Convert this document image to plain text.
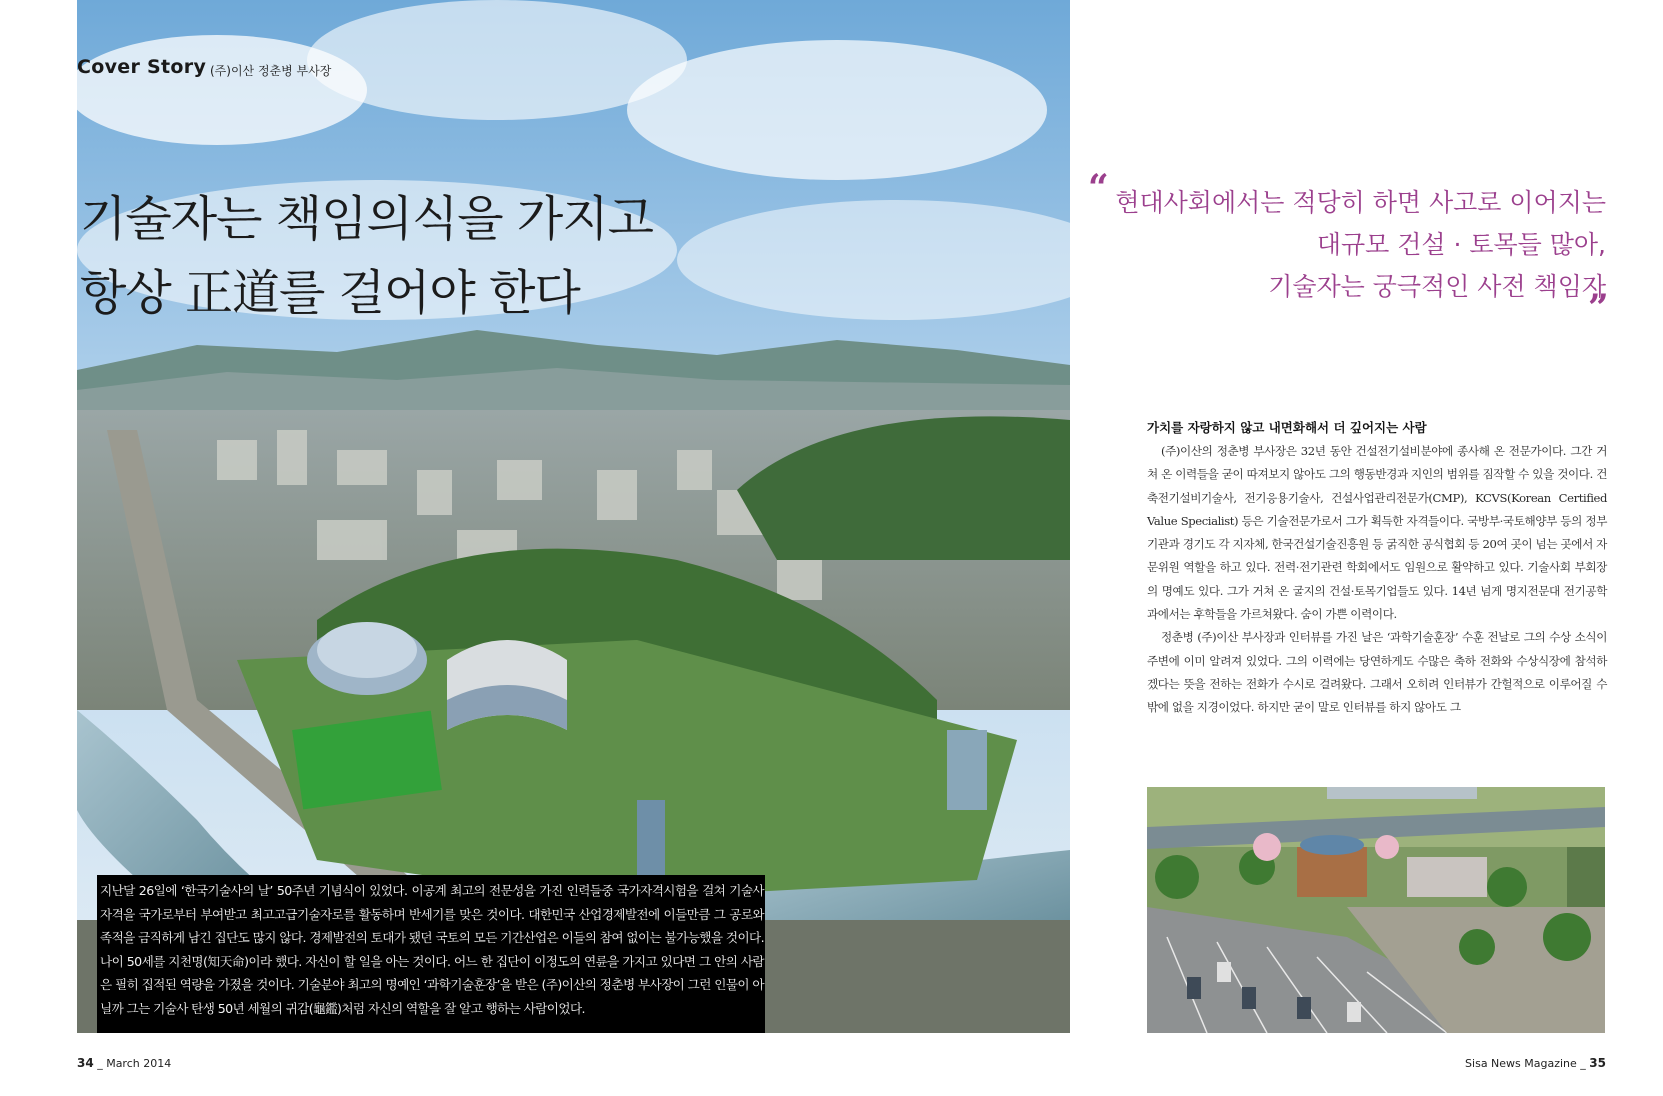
Cover Story (주)이산 정춘병 부사장
기술자는 책임의식을 가지고
항상 正道를 걸어야 한다
지난달 26일에 ‘한국기술사의 날’ 50주년 기념식이 있었다. 이공계 최고의 전문성을 가진 인력들중 국가자격시험을 걸쳐 기술사자격을 국가로부터 부여받고 최고고급기술자로를 활동하며 반세기를 맞은 것이다. 대한민국 산업경제발전에 이들만큼 그 공로와 족적을 금직하게 남긴 집단도 많지 않다. 경제발전의 토대가 됐던 국토의 모든 기간산업은 이들의 참여 없이는 불가능했을 것이다. 나이 50세를 지천명(知天命)이라 했다. 자신이 할 일을 아는 것이다. 어느 한 집단이 이정도의 연륜을 가지고 있다면 그 안의 사람은 필히 집적된 역량을 가졌을 것이다. 기술분야 최고의 명예인 ‘과학기술훈장’을 받은 (주)이산의 정춘병 부사장이 그런 인물이 아닐까 그는 기술사 탄생 50년 세월의 귀감(龜鑑)처럼 자신의 역할을 잘 알고 행하는 사람이었다.
“ 현대사회에서는 적당히 하면 사고로 이어지는
대규모 건설 · 토목들 많아,
기술자는 궁극적인 사전 책임자
”
가치를 자랑하지 않고 내면화해서 더 깊어지는 사람

(주)이산의 정춘병 부사장은 32년 동안 건설전기설비분야에 종사해 온 전문가이다. 그간 거쳐 온 이력들을 굳이 따져보지 않아도 그의 행동반경과 지인의 범위를 짐작할 수 있을 것이다. 건축전기설비기술사, 전기응용기술사, 건설사업관리전문가(CMP), KCVS(Korean Certified Value Specialist) 등은 기술전문가로서 그가 획득한 자격들이다. 국방부·국토해양부 등의 정부기관과 경기도 각 지자체, 한국건설기술진흥원 등 굵직한 공식협회 등 20여 곳이 넘는 곳에서 자문위원 역할을 하고 있다. 전력·전기관련 학회에서도 임원으로 활약하고 있다. 기술사회 부회장의 명예도 있다. 그가 거쳐 온 굴지의 건설·토목기업들도 있다. 14년 넘게 명지전문대 전기공학과에서는 후학들을 가르쳐왔다. 숨이 가쁜 이력이다.

정춘병 (주)이산 부사장과 인터뷰를 가진 날은 ‘과학기술훈장’ 수훈 전날로 그의 수상 소식이 주변에 이미 알려져 있었다. 그의 이력에는 당연하게도 수많은 축하 전화와 수상식장에 참석하겠다는 뜻을 전하는 전화가 수시로 걸려왔다. 그래서 오히려 인터뷰가 간헐적으로 이루어질 수밖에 없을 지경이었다. 하지만 굳이 말로 인터뷰를 하지 않아도 그

34 _ March 2014	Sisa News Magazine _ 35
